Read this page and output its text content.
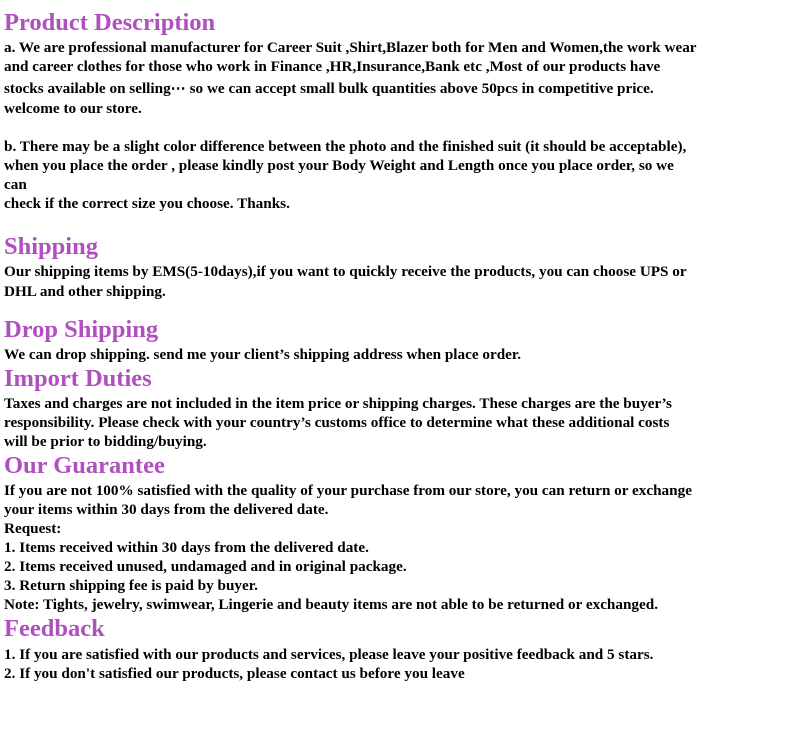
Product Description

a. We are professional manufacturer for Career Suit ,Shirt,Blazer both for Men and Women,the work wear

and career clothes for those who work in Finance ,HR,Insurance,Bank etc ,Most of our products have

stocks available on selling⋯ so we can accept small bulk quantities above 50pcs in competitive price.

welcome to our store.

b. There may be a slight color difference between the photo and the finished suit (it should be acceptable),

when you place the order , please kindly post your Body Weight and Length once you place order, so we

can

check if the correct size you choose. Thanks.

Shipping

Our shipping items by EMS(5-10days),if you want to quickly receive the products, you can choose UPS or

DHL and other shipping.

Drop Shipping

We can drop shipping. send me your client’s shipping address when place order.

Import Duties

Taxes and charges are not included in the item price or shipping charges. These charges are the buyer’s

responsibility. Please check with your country’s customs office to determine what these additional costs

will be prior to bidding/buying.

Our Guarantee

If you are not 100% satisfied with the quality of your purchase from our store, you can return or exchange

your items within 30 days from the delivered date.

Request:

1. Items received within 30 days from the delivered date.

2. Items received unused, undamaged and in original package.

3. Return shipping fee is paid by buyer.

Note: Tights, jewelry, swimwear, Lingerie and beauty items are not able to be returned or exchanged.

Feedback

1. If you are satisfied with our products and services, please leave your positive feedback and 5 stars.

2. If you don't satisfied our products, please contact us before you leave
